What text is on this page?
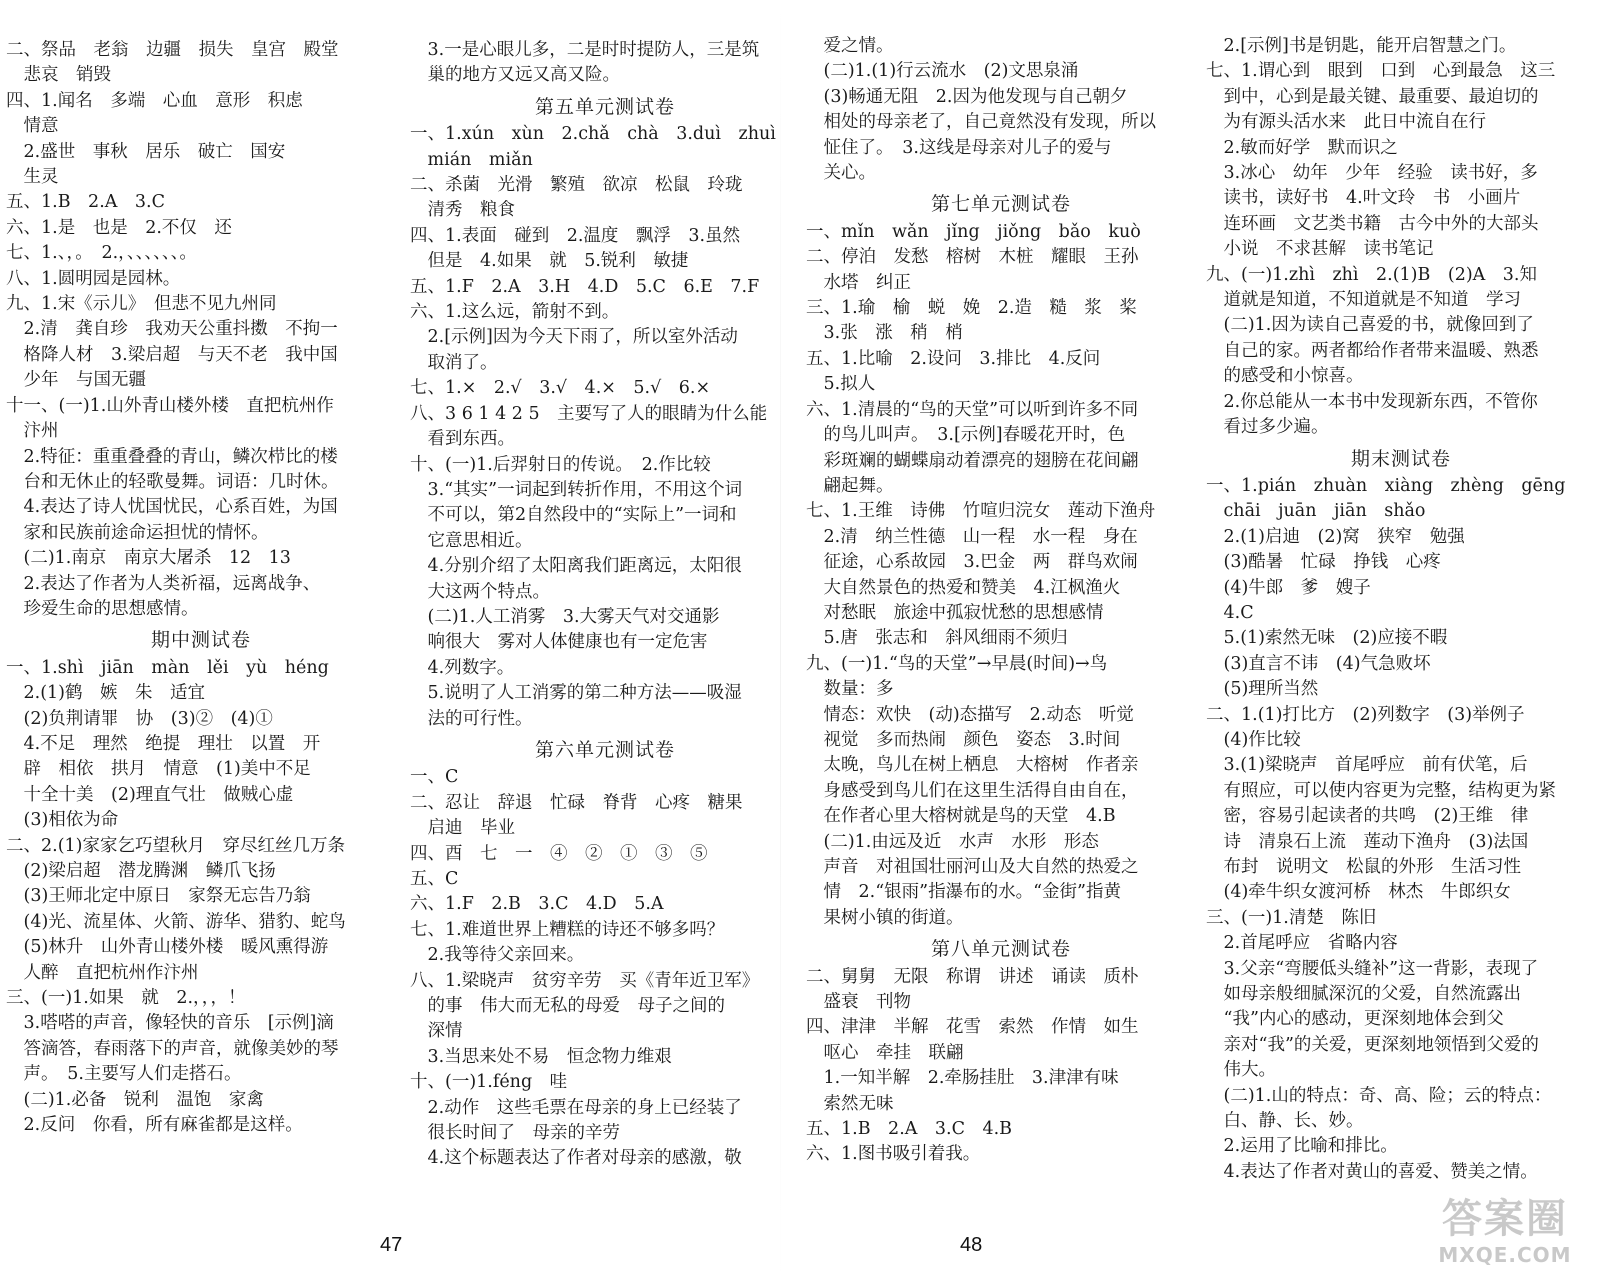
二、祭品　老翁　边疆　损失　皇宫　殿堂
　悲哀　销毁
四、1.闻名　多端　心血　意形　积虑
　情意
　2.盛世　事秋　居乐　破亡　国安
　生灵
五、1.B　2.A　3.C
六、1.是　也是　2.不仅　还
七、1.、，。　2.，、、、、、、。
八、1.圆明园是园林。
九、1.宋《示儿》　但悲不见九州同
　2.清　龚自珍　我劝天公重抖擞　不拘一
　格降人材　3.梁启超　与天不老　我中国
　少年　与国无疆
十一、(一)1.山外青山楼外楼　直把杭州作
　汴州
　2.特征：重重叠叠的青山，鳞次栉比的楼
　台和无休止的轻歌曼舞。词语：几时休。
　4.表达了诗人忧国忧民，心系百姓，为国
　家和民族前途命运担忧的情怀。
　(二)1.南京　南京大屠杀　12　13
　2.表达了作者为人类祈福，远离战争、
　珍爱生命的思想感情。
期中测试卷
一、1.shì　jiān　màn　lěi　yù　héng
　2.(1)鹤　嫉　朱　适宜
　(2)负荆请罪　协　(3)②　(4)①
　4.不足　理然　绝提　理壮　以置　开
　辟　相依　拱月　情意　(1)美中不足
　十全十美　(2)理直气壮　做贼心虚
　(3)相依为命
二、2.(1)家家乞巧望秋月　穿尽红丝几万条
　(2)梁启超　潜龙腾渊　鳞爪飞扬
　(3)王师北定中原日　家祭无忘告乃翁
　(4)光、流星体、火箭、游华、猎豹、蛇鸟
　(5)林升　山外青山楼外楼　暖风熏得游
　人醉　直把杭州作汴州
三、(一)1.如果　就　2.，，，！
　3.嗒嗒的声音，像轻快的音乐　[示例]滴
　答滴答，春雨落下的声音，就像美妙的琴
　声。　5.主要写人们走搭石。
　(二)1.必备　锐利　温饱　家禽
　2.反问　你看，所有麻雀都是这样。
　3.一是心眼儿多，二是时时提防人，三是筑
　巢的地方又远又高又险。
第五单元测试卷
一、1.xún　xùn　2.chǎ　chà　3.duì　zhuì
　mián　miǎn
二、杀菌　光滑　繁殖　欲凉　松鼠　玲珑
　清秀　粮食
四、1.表面　碰到　2.温度　飘浮　3.虽然
　但是　4.如果　就　5.锐利　敏捷
五、1.F　2.A　3.H　4.D　5.C　6.E　7.F
六、1.这么远，箭射不到。
　2.[示例]因为今天下雨了，所以室外活动
　取消了。
七、1.×　2.√　3.√　4.×　5.√　6.×
八、3 6 1 4 2 5　主要写了人的眼睛为什么能
　看到东西。
十、(一)1.后羿射日的传说。　2.作比较
　3.“其实”一词起到转折作用，不用这个词
　不可以，第2自然段中的“实际上”一词和
　它意思相近。
　4.分别介绍了太阳离我们距离远，太阳很
　大这两个特点。
　(二)1.人工消雾　3.大雾天气对交通影
　响很大　雾对人体健康也有一定危害
　4.列数字。
　5.说明了人工消雾的第二种方法——吸湿
　法的可行性。
第六单元测试卷
一、C
二、忍让　辞退　忙碌　脊背　心疼　糖果
　启迪　毕业
四、酉　七　一　④　②　①　③　⑤
五、C
六、1.F　2.B　3.C　4.D　5.A
七、1.难道世界上糟糕的诗还不够多吗？
　2.我等待父亲回来。
八、1.梁晓声　贫穷辛劳　买《青年近卫军》
　的事　伟大而无私的母爱　母子之间的
　深情
　3.当思来处不易　恒念物力维艰
十、(一)1.féng　哇
　2.动作　这些毛票在母亲的身上已经装了
　很长时间了　母亲的辛劳
　4.这个标题表达了作者对母亲的感激，敬
　爱之情。
　(二)1.(1)行云流水　(2)文思泉涌
　(3)畅通无阻　2.因为他发现与自己朝夕
　相处的母亲老了，自己竟然没有发现，所以
　怔住了。　3.这线是母亲对儿子的爱与
　关心。
第七单元测试卷
一、mǐn　wǎn　jǐng　jiǒng　bǎo　kuò
二、停泊　发愁　榕树　木桩　耀眼　王孙
　水塔　纠正
三、1.瑜　榆　蜕　娩　2.造　糙　浆　桨
　3.张　涨　稍　梢
五、1.比喻　2.设问　3.排比　4.反问
　5.拟人
六、1.清晨的“鸟的天堂”可以听到许多不同
　的鸟儿叫声。　3.[示例]春暖花开时，色
　彩斑斓的蝴蝶扇动着漂亮的翅膀在花间翩
　翩起舞。
七、1.王维　诗佛　竹喧归浣女　莲动下渔舟
　2.清　纳兰性德　山一程　水一程　身在
　征途，心系故园　3.巴金　两　群鸟欢闹
　大自然景色的热爱和赞美　4.江枫渔火
　对愁眠　旅途中孤寂忧愁的思想感情
　5.唐　张志和　斜风细雨不须归
九、(一)1.“鸟的天堂”→早晨(时间)→鸟
　数量：多
　情态：欢快　(动)态描写　2.动态　听觉
　视觉　多而热闹　颜色　姿态　3.时间
　太晚，鸟儿在树上栖息　大榕树　作者亲
　身感受到鸟儿们在这里生活得自由自在，
　在作者心里大榕树就是鸟的天堂　4.B
　(二)1.由远及近　水声　水形　形态
　声音　对祖国壮丽河山及大自然的热爱之
　情　2.“银雨”指瀑布的水。“金街”指黄
　果树小镇的街道。
第八单元测试卷
二、舅舅　无限　称谓　讲述　诵读　质朴
　盛衰　刊物
四、津津　半解　花雪　索然　作情　如生
　呕心　牵挂　联翩
　1.一知半解　2.牵肠挂肚　3.津津有味
　索然无味
五、1.B　2.A　3.C　4.B
六、1.图书吸引着我。
　2.[示例]书是钥匙，能开启智慧之门。
七、1.谓心到　眼到　口到　心到最急　这三
　到中，心到是最关键、最重要、最迫切的
　为有源头活水来　此日中流自在行
　2.敏而好学　默而识之
　3.冰心　幼年　少年　经验　读书好，多
　读书，读好书　4.叶文玲　书　小画片
　连环画　文艺类书籍　古今中外的大部头
　小说　不求甚解　读书笔记
九、(一)1.zhì　zhì　2.(1)B　(2)A　3.知
　道就是知道，不知道就是不知道　学习
　(二)1.因为读自己喜爱的书，就像回到了
　自己的家。两者都给作者带来温暖、熟悉
　的感受和小惊喜。
　2.你总能从一本书中发现新东西，不管你
　看过多少遍。
期末测试卷
一、1.pián　zhuàn　xiàng　zhèng　gēng
　chāi　juān　jiān　shǎo
　2.(1)启迪　(2)窝　狭窄　勉强
　(3)酷暑　忙碌　挣钱　心疼
　(4)牛郎　爹　嫂子
　4.C
　5.(1)索然无味　(2)应接不暇
　(3)直言不讳　(4)气急败坏
　(5)理所当然
二、1.(1)打比方　(2)列数字　(3)举例子
　(4)作比较
　3.(1)梁晓声　首尾呼应　前有伏笔，后
　有照应，可以使内容更为完整，结构更为紧
　密，容易引起读者的共鸣　(2)王维　律
　诗　清泉石上流　莲动下渔舟　(3)法国
　布封　说明文　松鼠的外形　生活习性
　(4)牵牛织女渡河桥　林杰　牛郎织女
三、(一)1.清楚　陈旧
　2.首尾呼应　省略内容
　3.父亲“弯腰低头缝补”这一背影，表现了
　如母亲般细腻深沉的父爱，自然流露出
　“我”内心的感动，更深刻地体会到父
　亲对“我”的关爱，更深刻地领悟到父爱的
　伟大。
　(二)1.山的特点：奇、高、险；云的特点：
　白、静、长、妙。
　2.运用了比喻和排比。
　4.表达了作者对黄山的喜爱、赞美之情。
47	48
答案圈
MXQE.COM
